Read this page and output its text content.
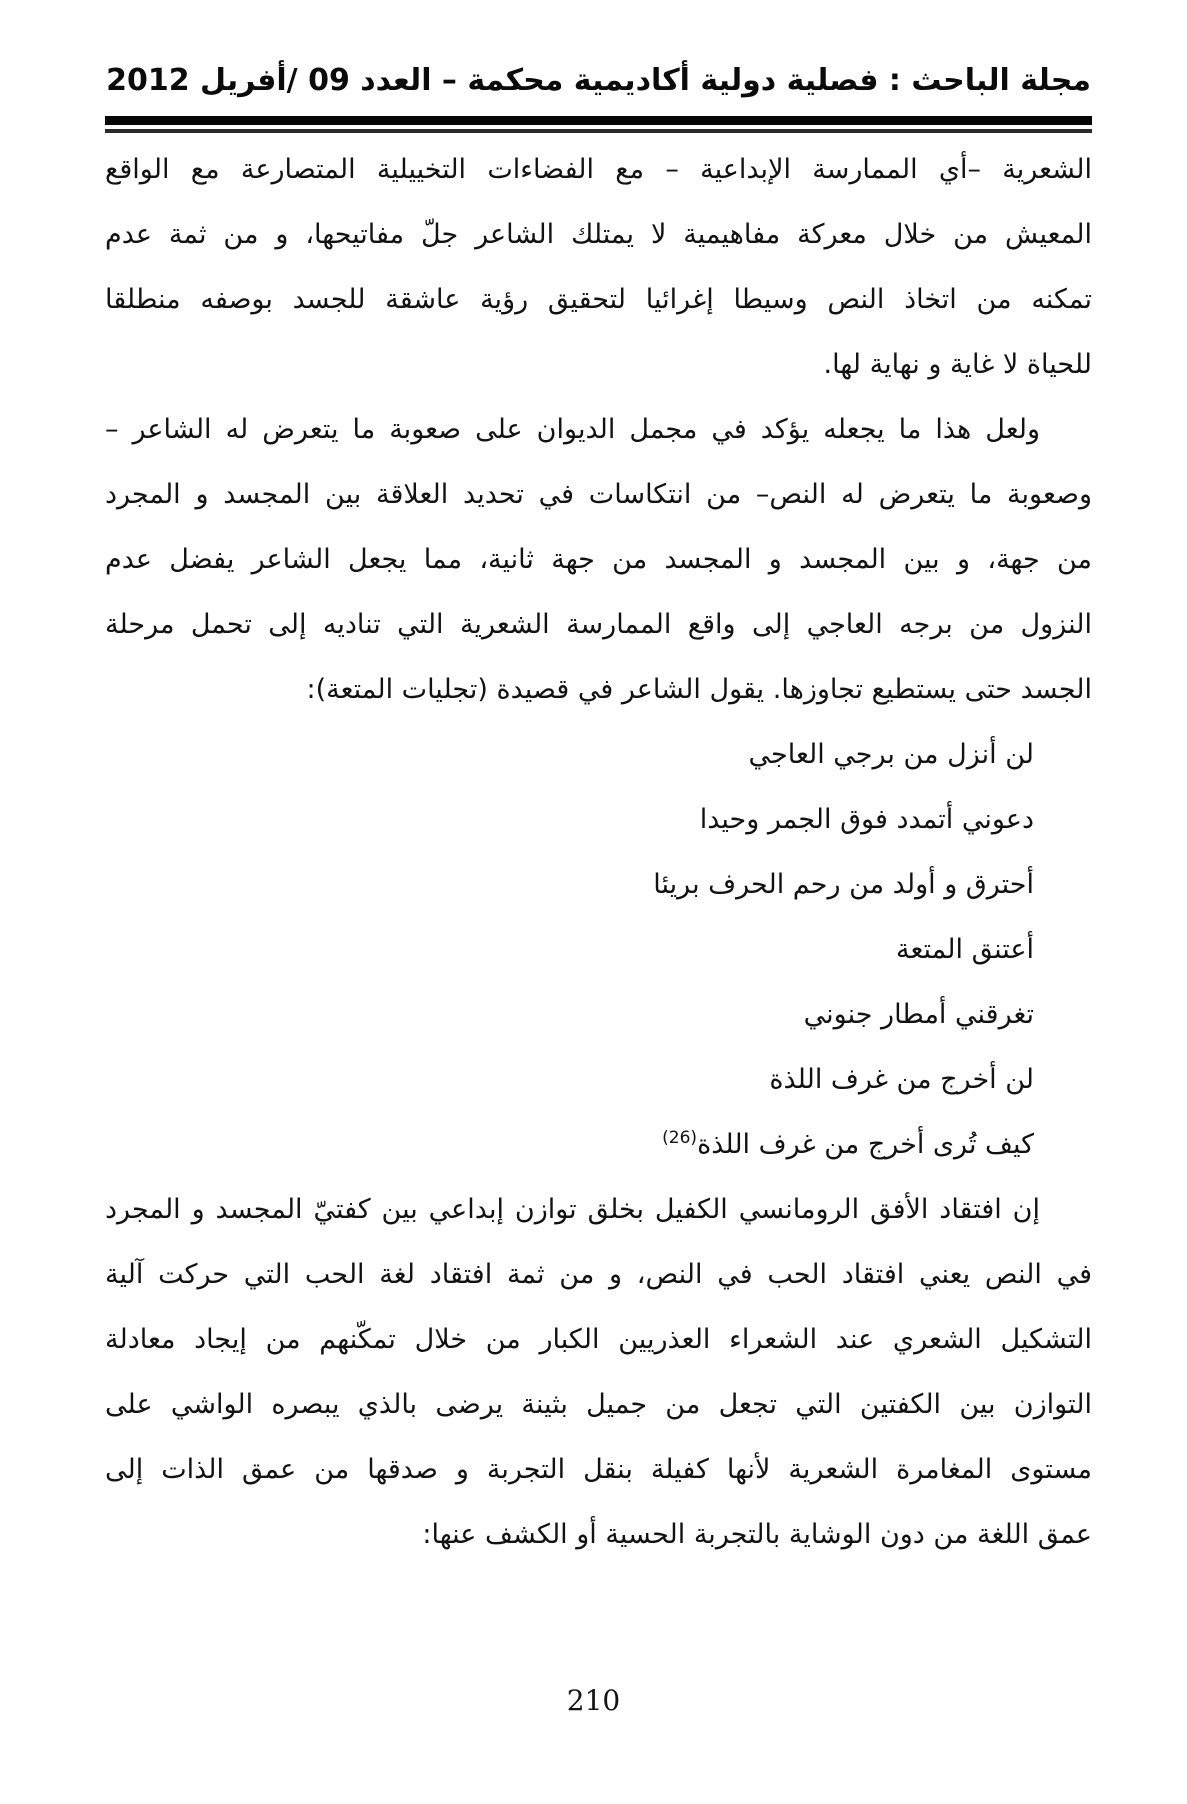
مجلة الباحث : فصلية دولية أكاديمية محكمة – العدد 09 /أفريل 2012
الشعرية –أي الممارسة الإبداعية – مع الفضاءات التخييلية المتصارعة مع الواقع
المعيش من خلال معركة مفاهيمية لا يمتلك الشاعر جلّ مفاتيحها، و من ثمة عدم
تمكنه من اتخاذ النص وسيطا إغرائيا لتحقيق رؤية عاشقة للجسد بوصفه منطلقا
للحياة لا غاية و نهاية لها.
ولعل هذا ما يجعله يؤكد في مجمل الديوان على صعوبة ما يتعرض له الشاعر –
وصعوبة ما يتعرض له النص– من انتكاسات في تحديد العلاقة بين المجسد و المجرد
من جهة، و بين المجسد و المجسد من جهة ثانية، مما يجعل الشاعر يفضل عدم
النزول من برجه العاجي إلى واقع الممارسة الشعرية التي تناديه إلى تحمل مرحلة
الجسد حتى يستطيع تجاوزها. يقول الشاعر في قصيدة (تجليات المتعة):
لن أنزل من برجي العاجي
دعوني أتمدد فوق الجمر وحيدا
أحترق و أولد من رحم الحرف بريئا
أعتنق المتعة
تغرقني أمطار جنوني
لن أخرج من غرف اللذة
كيف تُرى أخرج من غرف اللذة$^{(26)}$
إن افتقاد الأفق الرومانسي الكفيل بخلق توازن إبداعي بين كفتيّ المجسد و المجرد
في النص يعني افتقاد الحب في النص، و من ثمة افتقاد لغة الحب التي حركت آلية
التشكيل الشعري عند الشعراء العذريين الكبار من خلال تمكّنهم من إيجاد معادلة
التوازن بين الكفتين التي تجعل من جميل بثينة يرضى بالذي يبصره الواشي على
مستوى المغامرة الشعرية لأنها كفيلة بنقل التجربة و صدقها من عمق الذات إلى
عمق اللغة من دون الوشاية بالتجربة الحسية أو الكشف عنها:
210
